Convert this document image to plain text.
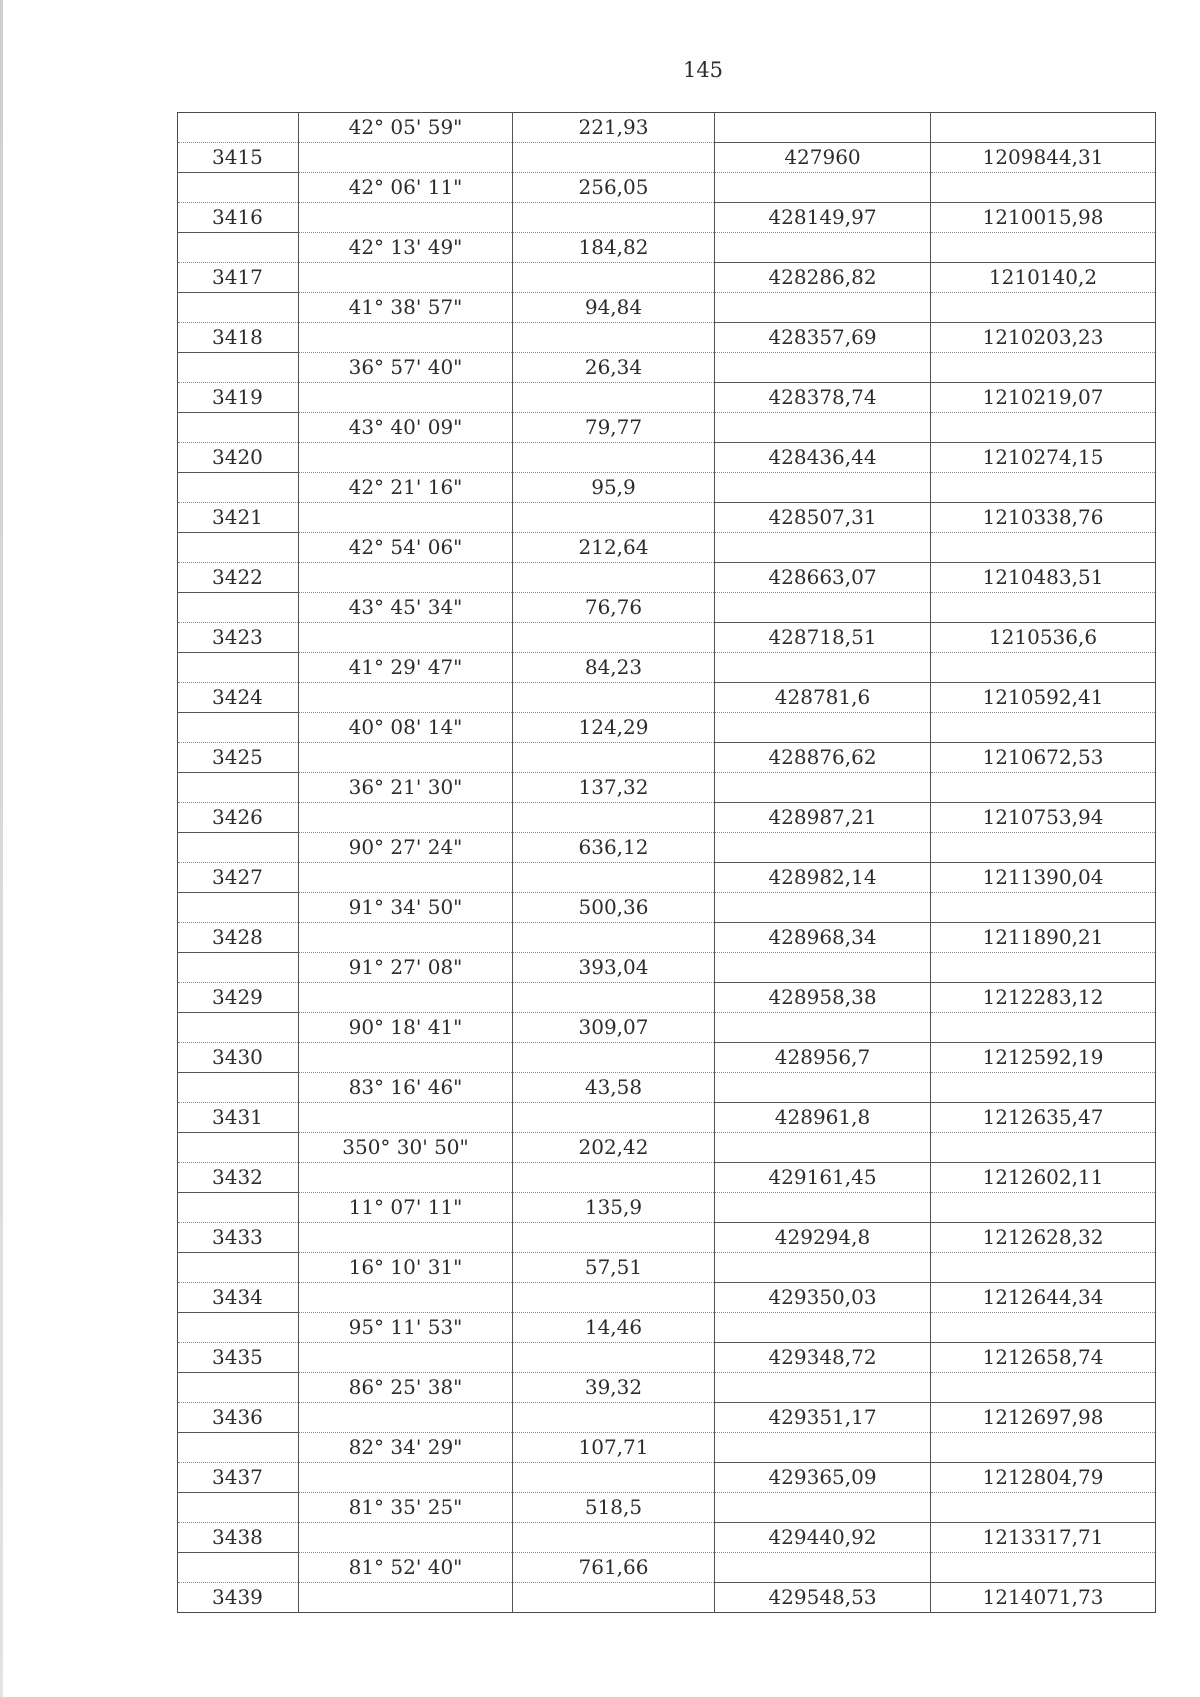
145
	42° 05' 59"	221,93		
3415			427960	1209844,31
	42° 06' 11"	256,05		
3416			428149,97	1210015,98
	42° 13' 49"	184,82		
3417			428286,82	1210140,2
	41° 38' 57"	94,84		
3418			428357,69	1210203,23
	36° 57' 40"	26,34		
3419			428378,74	1210219,07
	43° 40' 09"	79,77		
3420			428436,44	1210274,15
	42° 21' 16"	95,9		
3421			428507,31	1210338,76
	42° 54' 06"	212,64		
3422			428663,07	1210483,51
	43° 45' 34"	76,76		
3423			428718,51	1210536,6
	41° 29' 47"	84,23		
3424			428781,6	1210592,41
	40° 08' 14"	124,29		
3425			428876,62	1210672,53
	36° 21' 30"	137,32		
3426			428987,21	1210753,94
	90° 27' 24"	636,12		
3427			428982,14	1211390,04
	91° 34' 50"	500,36		
3428			428968,34	1211890,21
	91° 27' 08"	393,04		
3429			428958,38	1212283,12
	90° 18' 41"	309,07		
3430			428956,7	1212592,19
	83° 16' 46"	43,58		
3431			428961,8	1212635,47
	350° 30' 50"	202,42		
3432			429161,45	1212602,11
	11° 07' 11"	135,9		
3433			429294,8	1212628,32
	16° 10' 31"	57,51		
3434			429350,03	1212644,34
	95° 11' 53"	14,46		
3435			429348,72	1212658,74
	86° 25' 38"	39,32		
3436			429351,17	1212697,98
	82° 34' 29"	107,71		
3437			429365,09	1212804,79
	81° 35' 25"	518,5		
3438			429440,92	1213317,71
	81° 52' 40"	761,66		
3439			429548,53	1214071,73
